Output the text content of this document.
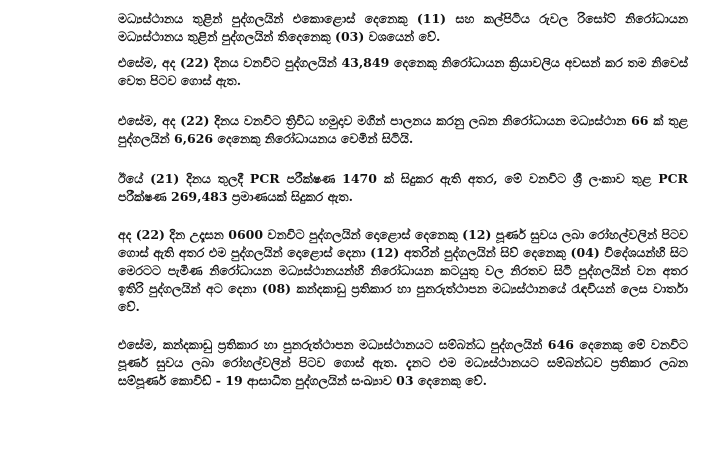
මධ්‍යස්ථානය තුළින් පුද්ගලයින් එකොළොස් දෙනෙකු (11) සහ කල්පිටිය රුවල රිසෝට් නිරෝධායන මධ්‍යස්ථානය තුළින් පුද්ගලයින් තිදෙනෙකු (03) වශයෙන් වේ.

එසේම, අද (22) දිනය වනවිට පුද්ගලයින් 43,849 දෙනෙකු නිරෝධායන ක්‍රියාවලිය අවසන් කර තම නිවෙස් වෙත පිටව ගොස් ඇත.

එසේම, අද (22) දිනය වනවිට ත්‍රිවිධ හමුදාව මගින් පාලනය කරනු ලබන නිරෝධායන මධ්‍යස්ථාන 66 ක් තුළ පුද්ගලයින් 6,626 දෙනෙකු නිරෝධායනය වෙමින් සිටියි.

ඊයේ (21) දිනය තුලදී PCR පරීක්ෂණ 1470 ක් සිදුකර ඇති අතර, මේ වනවිට ශ්‍රී ලංකාව තුළ PCR පරීක්ෂණ 269,483 ප්‍රමාණයක් සිදුකර ඇත.

අද (22) දින උදෑසන 0600 වනවිට පුද්ගලයින් දොළොස් දෙනෙකු (12) පූර්ණ සුවය ලබා රෝහල්වලින් පිටව ගොස් ඇති අතර එම පුද්ගලයින් දොළොස් දෙනා (12) අතරින් පුද්ගලයින් සිව් දෙනෙකු (04) විදේශයන්හි සිට මෙරටට පැමිණ නිරෝධායන මධ්‍යස්ථානයන්හි නිරෝධායන කටයුතු වල නිරතව සිටි පුද්ගලයින් වන අතර ඉතිරි පුද්ගලයින් අට දෙනා (08) කන්දකාඩු ප්‍රතිකාර හා පුනරුත්ථාපන මධ්‍යස්ථානයේ රැඳවියන් ලෙස වාර්තා වේ.

එසේම, කන්දකාඩු ප්‍රතිකාර හා පුනරුත්ථාපන මධ්‍යස්ථානයට සම්බන්ධ පුද්ගලයින් 646 දෙනෙකු මේ වනවිට පූර්ණ සුවය ලබා රෝහල්වලින් පිටව ගොස් ඇත. දැනට එම මධ්‍යස්ථානයට සම්බන්ධව ප්‍රතිකාර ලබන සම්පූර්ණ කොවිඩ් - 19 ආසාධිත පුද්ගලයින් සංඛ්‍යාව 03 දෙනෙකු වේ.
